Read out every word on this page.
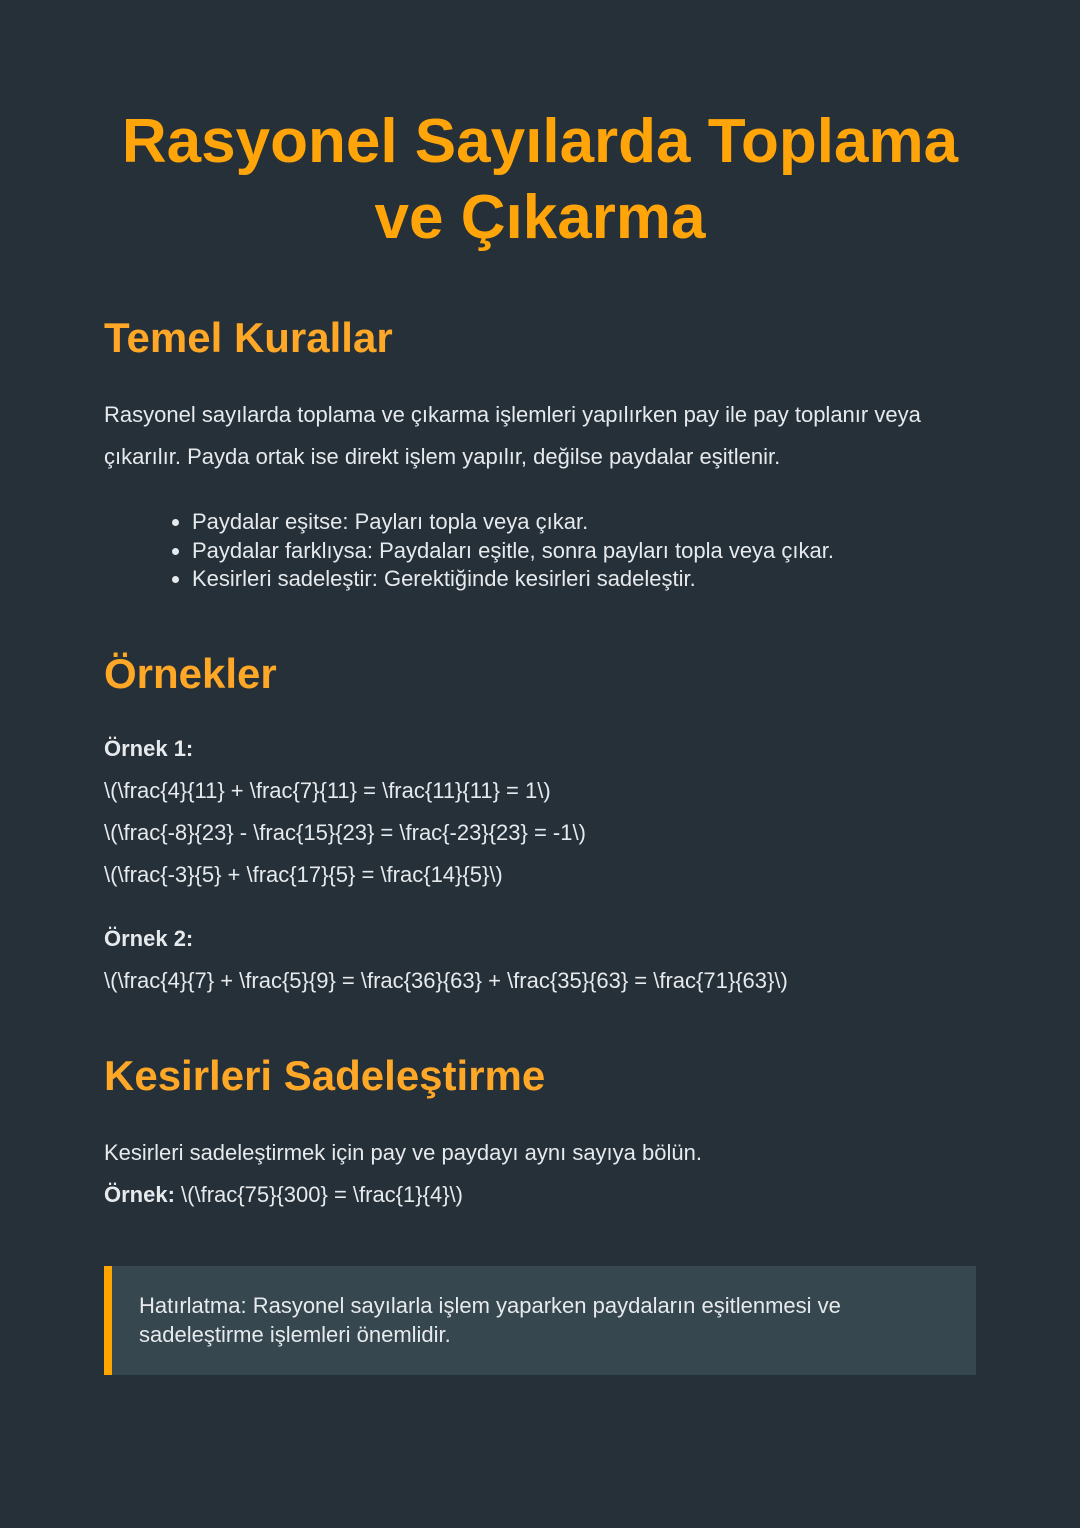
Rasyonel Sayılarda Toplama ve Çıkarma
Temel Kurallar

Rasyonel sayılarda toplama ve çıkarma işlemleri yapılırken pay ile pay toplanır veya çıkarılır. Payda ortak ise direkt işlem yapılır, değilse paydalar eşitlenir.

• Paydalar eşitse: Payları topla veya çıkar.
• Paydalar farklıysa: Paydaları eşitle, sonra payları topla veya çıkar.
• Kesirleri sadeleştir: Gerektiğinde kesirleri sadeleştir.
Örnekler

Örnek 1:

\(\frac{4}{11} + \frac{7}{11} = \frac{11}{11} = 1\)

\(\frac{-8}{23} - \frac{15}{23} = \frac{-23}{23} = -1\)

\(\frac{-3}{5} + \frac{17}{5} = \frac{14}{5}\)

Örnek 2:

\(\frac{4}{7} + \frac{5}{9} = \frac{36}{63} + \frac{35}{63} = \frac{71}{63}\)

Kesirleri Sadeleştirme

Kesirleri sadeleştirmek için pay ve paydayı aynı sayıya bölün.

Örnek: \(\frac{75}{300} = \frac{1}{4}\)

Hatırlatma: Rasyonel sayılarla işlem yaparken paydaların eşitlenmesi ve sadeleştirme işlemleri önemlidir.
